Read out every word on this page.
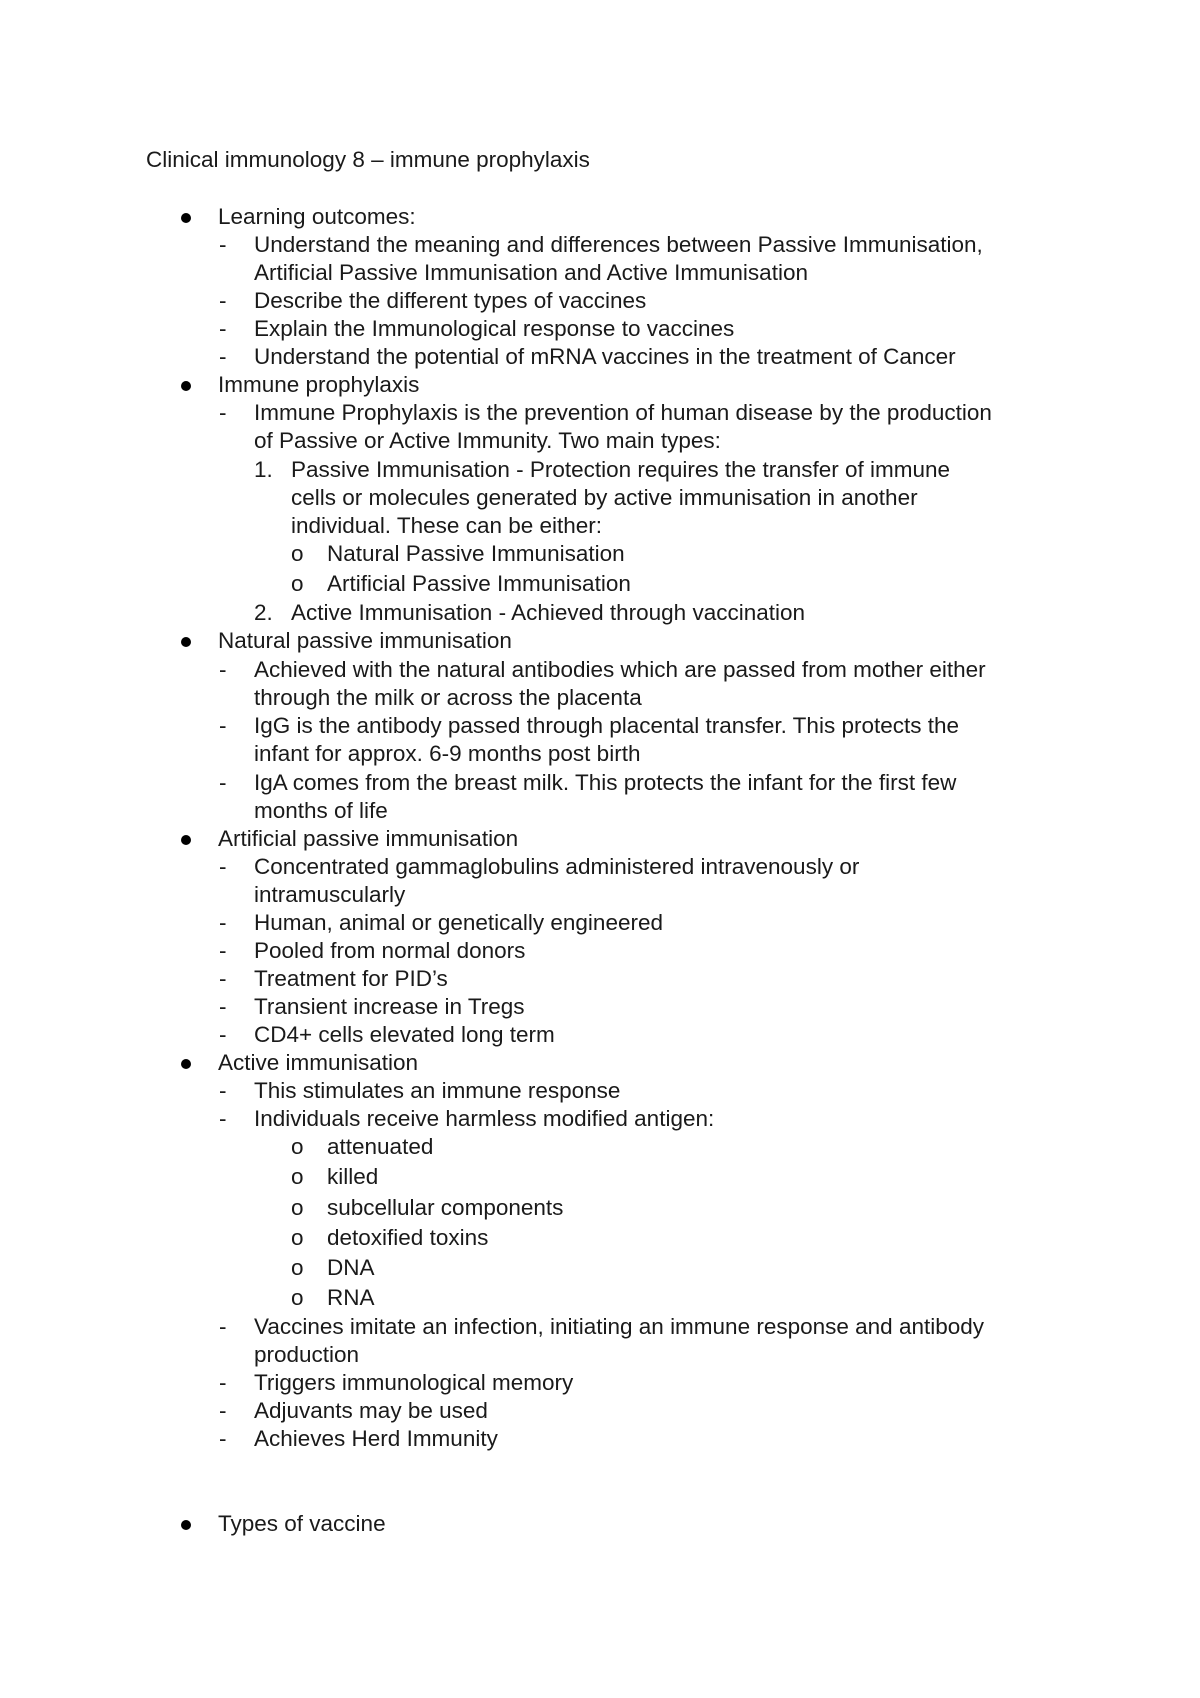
Clinical immunology 8 – immune prophylaxis
Learning outcomes:
- Understand the meaning and differences between Passive Immunisation,
Artificial Passive Immunisation and Active Immunisation
- Describe the different types of vaccines
- Explain the Immunological response to vaccines
- Understand the potential of mRNA vaccines in the treatment of Cancer
Immune prophylaxis
- Immune Prophylaxis is the prevention of human disease by the production
of Passive or Active Immunity. Two main types:
1. Passive Immunisation - Protection requires the transfer of immune
cells or molecules generated by active immunisation in another
individual. These can be either:
o Natural Passive Immunisation
o Artificial Passive Immunisation
2. Active Immunisation - Achieved through vaccination
Natural passive immunisation
- Achieved with the natural antibodies which are passed from mother either
through the milk or across the placenta
- IgG is the antibody passed through placental transfer. This protects the
infant for approx. 6-9 months post birth
- IgA comes from the breast milk. This protects the infant for the first few
months of life
Artificial passive immunisation
- Concentrated gammaglobulins administered intravenously or
intramuscularly
- Human, animal or genetically engineered
- Pooled from normal donors
- Treatment for PID’s
- Transient increase in Tregs
- CD4+ cells elevated long term
Active immunisation
- This stimulates an immune response
- Individuals receive harmless modified antigen:
o attenuated
o killed
o subcellular components
o detoxified toxins
o DNA
o RNA
- Vaccines imitate an infection, initiating an immune response and antibody
production
- Triggers immunological memory
- Adjuvants may be used
- Achieves Herd Immunity
Types of vaccine
